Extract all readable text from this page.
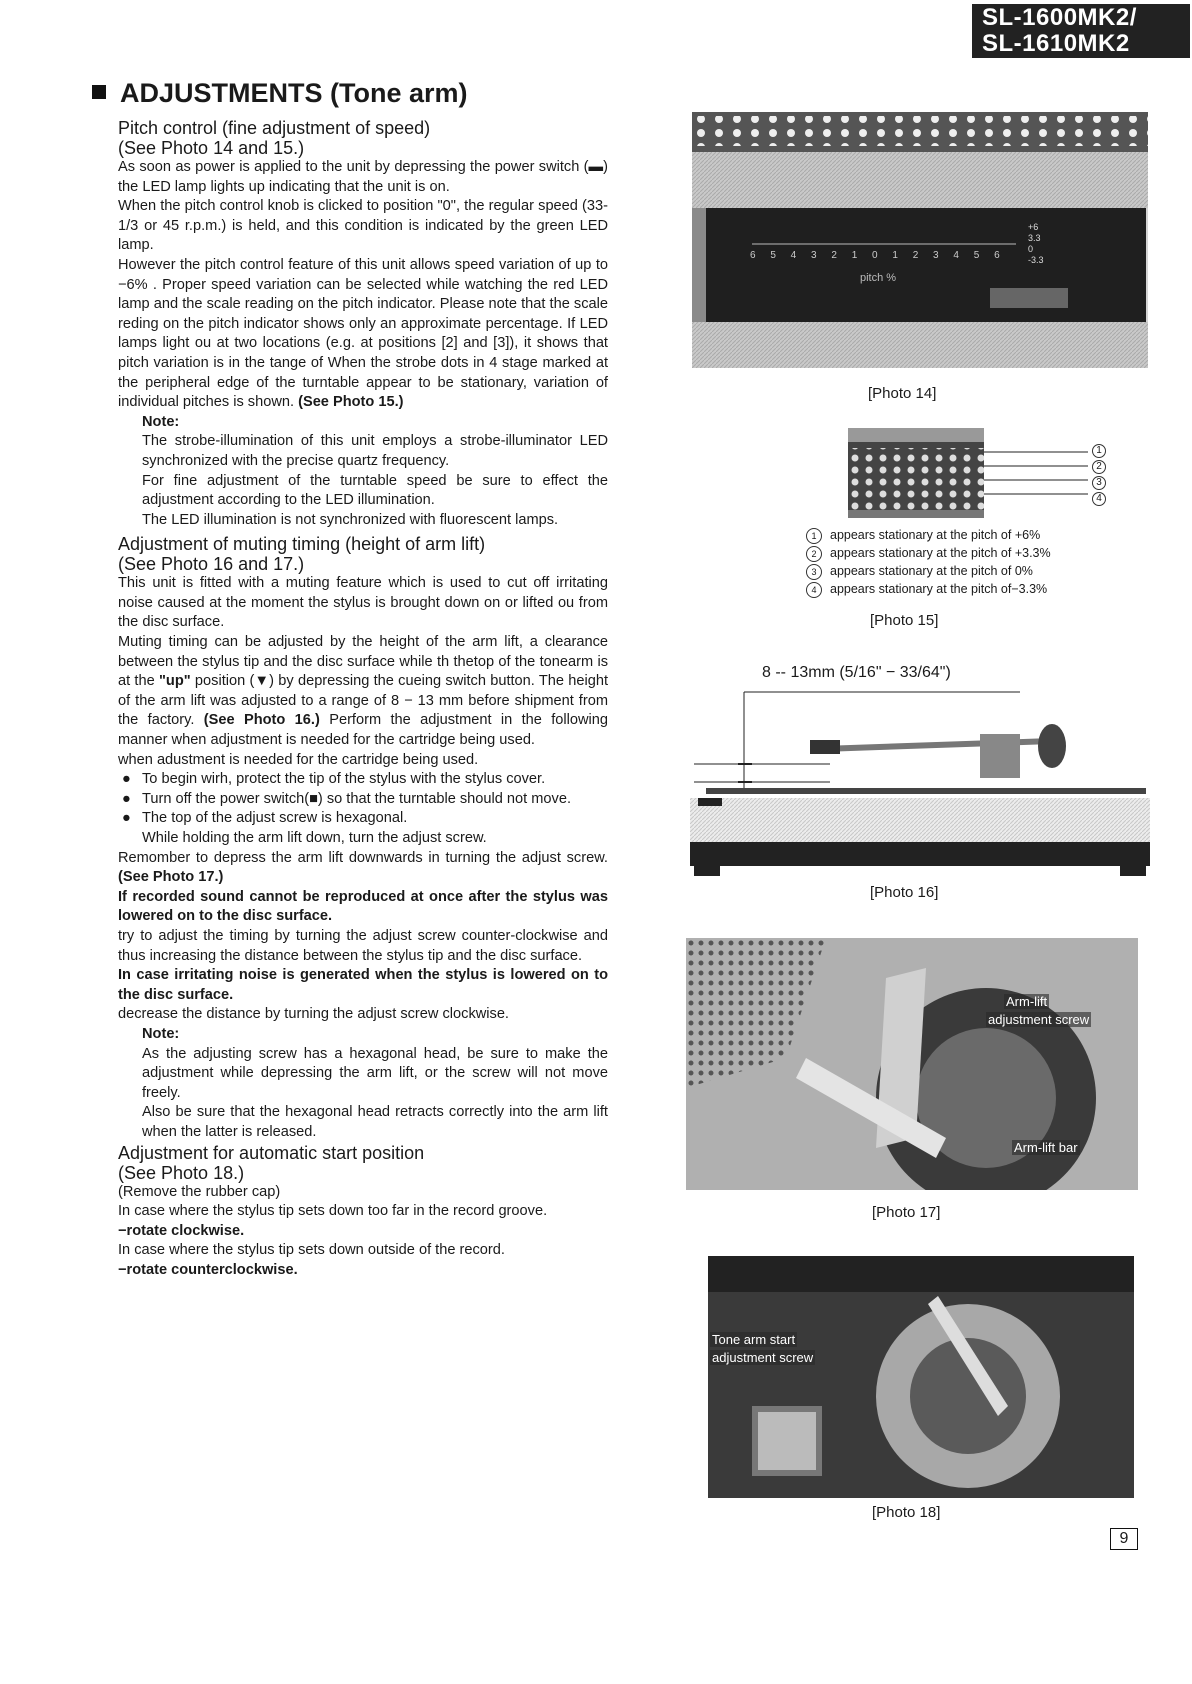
SL-1600MK2/
SL-1610MK2
ADJUSTMENTS (Tone arm)

Pitch control (fine adjustment of speed)

(See Photo 14 and 15.)

As soon as power is applied to the unit by depressing the power switch (▬) the LED lamp lights up indicating that the unit is on.

When the pitch control knob is clicked to position "0", the regular speed (33-1/3 or 45 r.p.m.) is held, and this condition is indicated by the green LED lamp.

However the pitch control feature of this unit allows speed variation of up to −6% . Proper speed variation can be selected while watching the red LED lamp and the scale reading on the pitch indicator. Please note that the scale reding on the pitch indicator shows only an approximate percentage. If LED lamps light ou at two locations (e.g. at positions [2] and [3]), it shows that pitch variation is in the tange of When the strobe dots in 4 stage marked at the peripheral edge of the turntable appear to be stationary, variation of individual pitches is shown. (See Photo 15.)

Note:

The strobe-illumination of this unit employs a strobe-illuminator LED synchronized with the precise quartz frequency.

For fine adjustment of the turntable speed be sure to effect the adjustment according to the LED illumination.

The LED illumination is not synchronized with fluorescent lamps.

Adjustment of muting timing (height of arm lift)

(See Photo 16 and 17.)

This unit is fitted with a muting feature which is used to cut off irritating noise caused at the moment the stylus is brought down on or lifted ou from the disc surface.

Muting timing can be adjusted by the height of the arm lift, a clearance between the stylus tip and the disc surface while th thetop of the tonearm is at the "up" position (▼) by depressing the cueing switch button. The height of the arm lift was adjusted to a range of 8 − 13 mm before shipment from the factory. (See Photo 16.) Perform the adjustment in the following manner when adjustment is needed for the cartridge being used.

when adustment is needed for the cartridge being used.

● To begin wirh, protect the tip of the stylus with the stylus cover.

● Turn off the power switch(■) so that the turntable should not move.

● The top of the adjust screw is hexagonal.

While holding the arm lift down, turn the adjust screw.

Remomber to depress the arm lift downwards in turning the adjust screw. (See Photo 17.)

If recorded sound cannot be reproduced at once after the stylus was lowered on to the disc surface.

try to adjust the timing by turning the adjust screw counter-clockwise and thus increasing the distance between the stylus tip and the disc surface.

In case irritating noise is generated when the stylus is lowered on to the disc surface.

decrease the distance by turning the adjust screw clockwise.

Note:

As the adjusting screw has a hexagonal head, be sure to make the adjustment while depressing the arm lift, or the screw will not move freely.

Also be sure that the hexagonal head retracts correctly into the arm lift when the latter is released.

Adjustment for automatic start position

(See Photo 18.)

(Remove the rubber cap)

In case where the stylus tip sets down too far in the record groove.

−rotate clockwise.

In case where the stylus tip sets down outside of the record.

−rotate counterclockwise.

6 5 4 3 2 1 0 1 2 3 4 5 6
pitch %
+6
3.3
0
-3.3
[Photo 14]
1
2
3
4
1 appears stationary at the pitch of +6%
2 appears stationary at the pitch of +3.3%
3 appears stationary at the pitch of 0%
4 appears stationary at the pitch of−3.3%
[Photo 15]
8 -- 13mm (5/16" − 33/64")
[Photo 16]
Arm-lift
adjustment screw
Arm-lift bar
[Photo 17]
Tone arm start
adjustment screw
[Photo 18]
9
